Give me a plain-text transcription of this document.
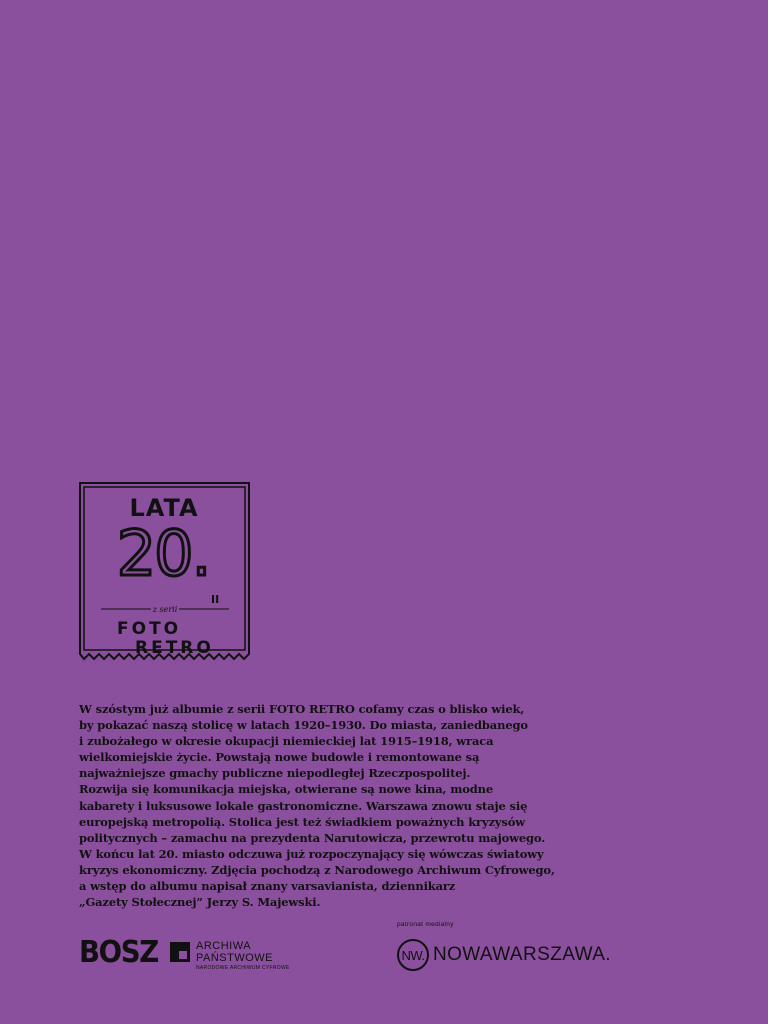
LATA
20.
II
z serii
FOTO
RETRO
W szóstym już albumie z serii FOTO RETRO cofamy czas o blisko wiek,
by pokazać naszą stolicę w latach 1920–1930. Do miasta, zaniedbanego
i zubożałego w okresie okupacji niemieckiej lat 1915–1918, wraca
wielkomiejskie życie. Powstają nowe budowle i remontowane są
najważniejsze gmachy publiczne niepodległej Rzeczpospolitej.
Rozwija się komunikacja miejska, otwierane są nowe kina, modne
kabarety i luksusowe lokale gastronomiczne. Warszawa znowu staje się
europejską metropolią. Stolica jest też świadkiem poważnych kryzysów
politycznych – zamachu na prezydenta Narutowicza, przewrotu majowego.
W końcu lat 20. miasto odczuwa już rozpoczynający się wówczas światowy
kryzys ekonomiczny. Zdjęcia pochodzą z Narodowego Archiwum Cyfrowego,
a wstęp do albumu napisał znany varsavianista, dziennikarz
„Gazety Stołecznej” Jerzy S. Majewski.
BOSZ	ARCHIWA
PAŃSTWOWE
NARODOWE ARCHIWUM CYFROWE
patronat medialny
NW. NOWAWARSZAWA.
